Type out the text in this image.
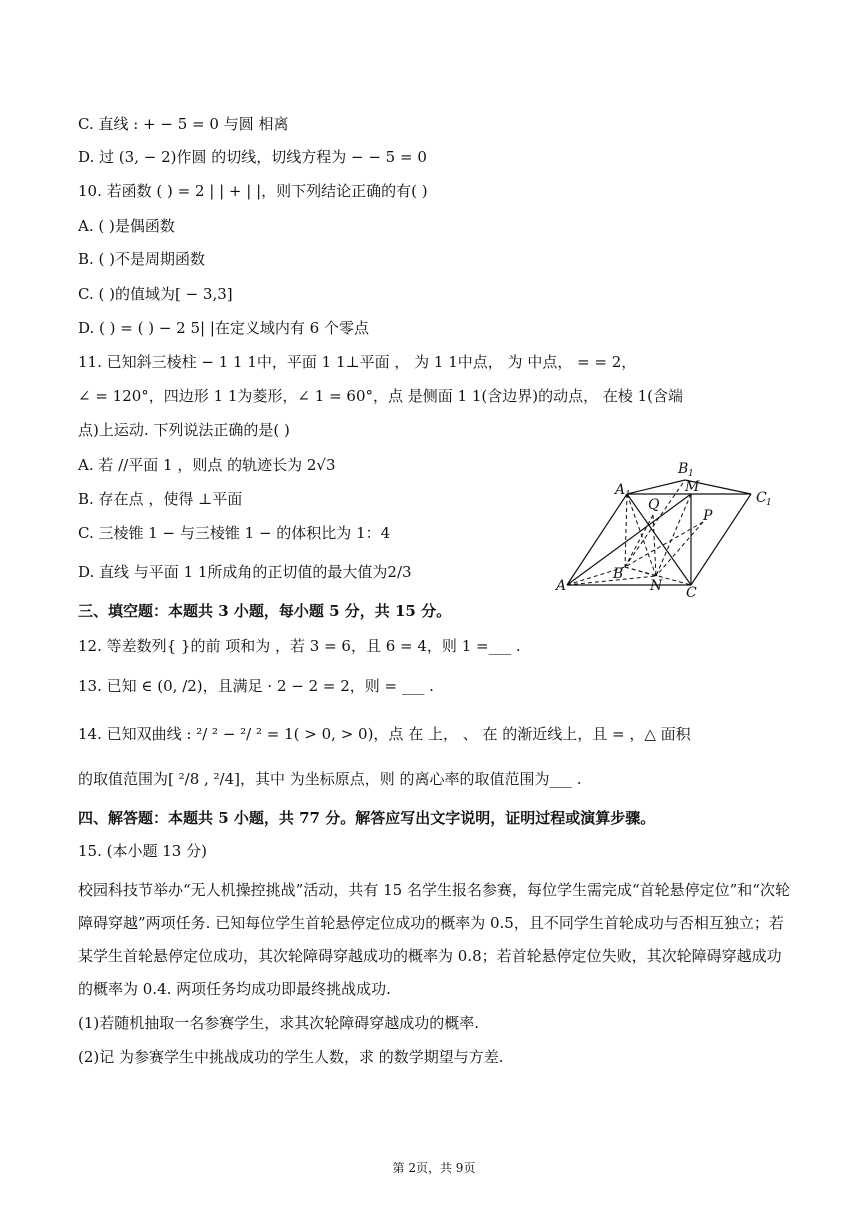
C. 直线 : + − 5 = 0 与圆 相离
D. 过 (3, − 2)作圆 的切线，切线方程为 − − 5 = 0
10. 若函数 ( ) = 2 | | + | |，则下列结论正确的有( )
A. ( )是偶函数
B. ( )不是周期函数
C. ( )的值域为[ − 3,3]
D. ( ) = ( ) − 2 5| |在定义域内有 6 个零点
11. 已知斜三棱柱 − 1 1 1中，平面 1 1⊥平面 ， 为 1 1中点， 为 中点， = = 2，
∠ = 120°，四边形 1 1为菱形，∠ 1 = 60°，点 是侧面 1 1(含边界)的动点， 在棱 1(含端
点)上运动. 下列说法正确的是( )
A. 若 //平面 1 ，则点 的轨迹长为 2√3
B. 存在点 ，使得 ⊥平面
C. 三棱锥 1 − 与三棱锥 1 − 的体积比为 1：4
D. 直线 与平面 1 1所成角的正切值的最大值为2/3
三、填空题：本题共 3 小题，每小题 5 分，共 15 分。
12. 等差数列{ }的前 项和为 ，若 3 = 6，且 6 = 4，则 1 =___ .
13. 已知 ∈ (0, /2)，且满足 · 2 − 2 = 2，则 = ___ .
14. 已知双曲线 : ²/ ² − ²/ ² = 1( > 0, > 0)，点 在 上， 、 在 的渐近线上，且 = ，△ 面积
的取值范围为[ ²/8 , ²/4]，其中 为坐标原点，则 的离心率的取值范围为___ .
四、解答题：本题共 5 小题，共 77 分。解答应写出文字说明，证明过程或演算步骤。
15. (本小题 13 分)
校园科技节举办“无人机操控挑战”活动，共有 15 名学生报名参赛，每位学生需完成“首轮悬停定位”和“次轮障碍穿越”两项任务. 已知每位学生首轮悬停定位成功的概率为 0.5，且不同学生首轮成功与否相互独立；若某学生首轮悬停定位成功，其次轮障碍穿越成功的概率为 0.8；若首轮悬停定位失败，其次轮障碍穿越成功的概率为 0.4. 两项任务均成功即最终挑战成功.
(1)若随机抽取一名参赛学生，求其次轮障碍穿越成功的概率.
(2)记 为参赛学生中挑战成功的学生人数，求 的数学期望与方差.
A
B
C
A 1
B 1
C 1
M
Q
P
N
第 2页，共 9页
